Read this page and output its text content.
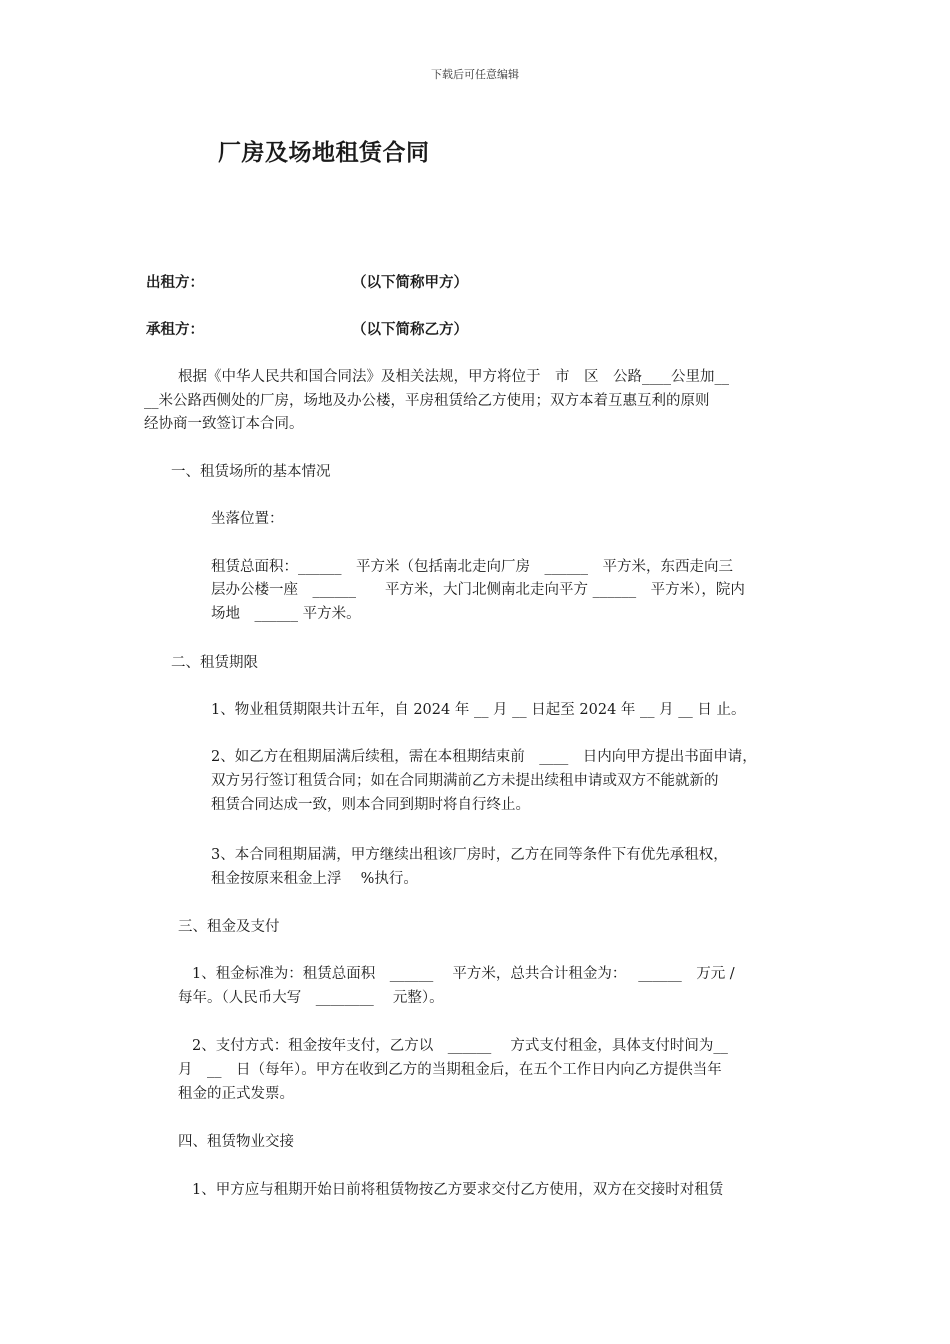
下载后可任意编辑
厂房及场地租赁合同
出租方：	（以下简称甲方）
承租方：	（以下简称乙方）

根据《中华人民共和国合同法》及相关法规，甲方将位于　市　区　公路____公里加__

__米公路西侧处的厂房，场地及办公楼，平房租赁给乙方使用；双方本着互惠互利的原则

经协商一致签订本合同。

一、租赁场所的基本情况

坐落位置：

租赁总面积：______　平方米（包括南北走向厂房　______　平方米，东西走向三

层办公楼一座　______　　平方米，大门北侧南北走向平方 ______　平方米），院内

场地　______ 平方米。

二、租赁期限

1、物业租赁期限共计五年，自 2024 年 __ 月 __ 日起至 2024 年 __ 月 __ 日 止。

2、如乙方在租期届满后续租，需在本租期结束前　____　日内向甲方提出书面申请，

双方另行签订租赁合同；如在合同期满前乙方未提出续租申请或双方不能就新的

租赁合同达成一致，则本合同到期时将自行终止。

3、本合同租期届满，甲方继续出租该厂房时，乙方在同等条件下有优先承租权，

租金按原来租金上浮　 %执行。

三、租金及支付

1、租金标准为：租赁总面积　______　 平方米，总共合计租金为：　 ______　万元 /

每年。（人民币大写　________　 元整）。

2、支付方式：租金按年支付，乙方以　______　 方式支付租金，具体支付时间为__

月　__　日（每年）。甲方在收到乙方的当期租金后，在五个工作日内向乙方提供当年

租金的正式发票。

四、租赁物业交接

1、甲方应与租期开始日前将租赁物按乙方要求交付乙方使用，双方在交接时对租赁
